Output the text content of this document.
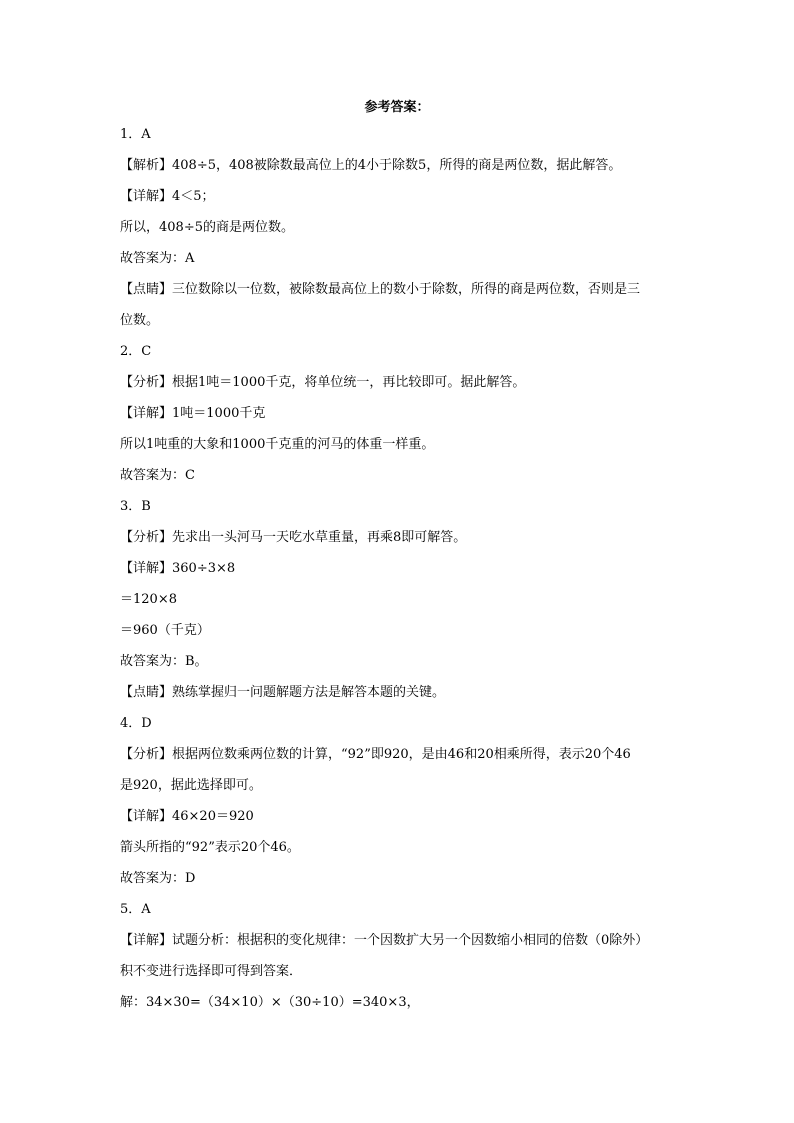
参考答案：
1．A
【解析】408÷5，408被除数最高位上的4小于除数5，所得的商是两位数，据此解答。
【详解】4＜5；
所以，408÷5的商是两位数。
故答案为：A
【点睛】三位数除以一位数，被除数最高位上的数小于除数，所得的商是两位数，否则是三
位数。
2．C
【分析】根据1吨＝1000千克，将单位统一，再比较即可。据此解答。
【详解】1吨＝1000千克
所以1吨重的大象和1000千克重的河马的体重一样重。
故答案为：C
3．B
【分析】先求出一头河马一天吃水草重量，再乘8即可解答。
【详解】360÷3×8
＝120×8
＝960（千克）
故答案为：B。
【点睛】熟练掌握归一问题解题方法是解答本题的关键。
4．D
【分析】根据两位数乘两位数的计算，“92”即920，是由46和20相乘所得，表示20个46
是920，据此选择即可。
【详解】46×20＝920
箭头所指的“92”表示20个46。
故答案为：D
5．A
【详解】试题分析：根据积的变化规律：一个因数扩大另一个因数缩小相同的倍数（0除外）
积不变进行选择即可得到答案．
解：34×30=（34×10）×（30÷10）=340×3，
